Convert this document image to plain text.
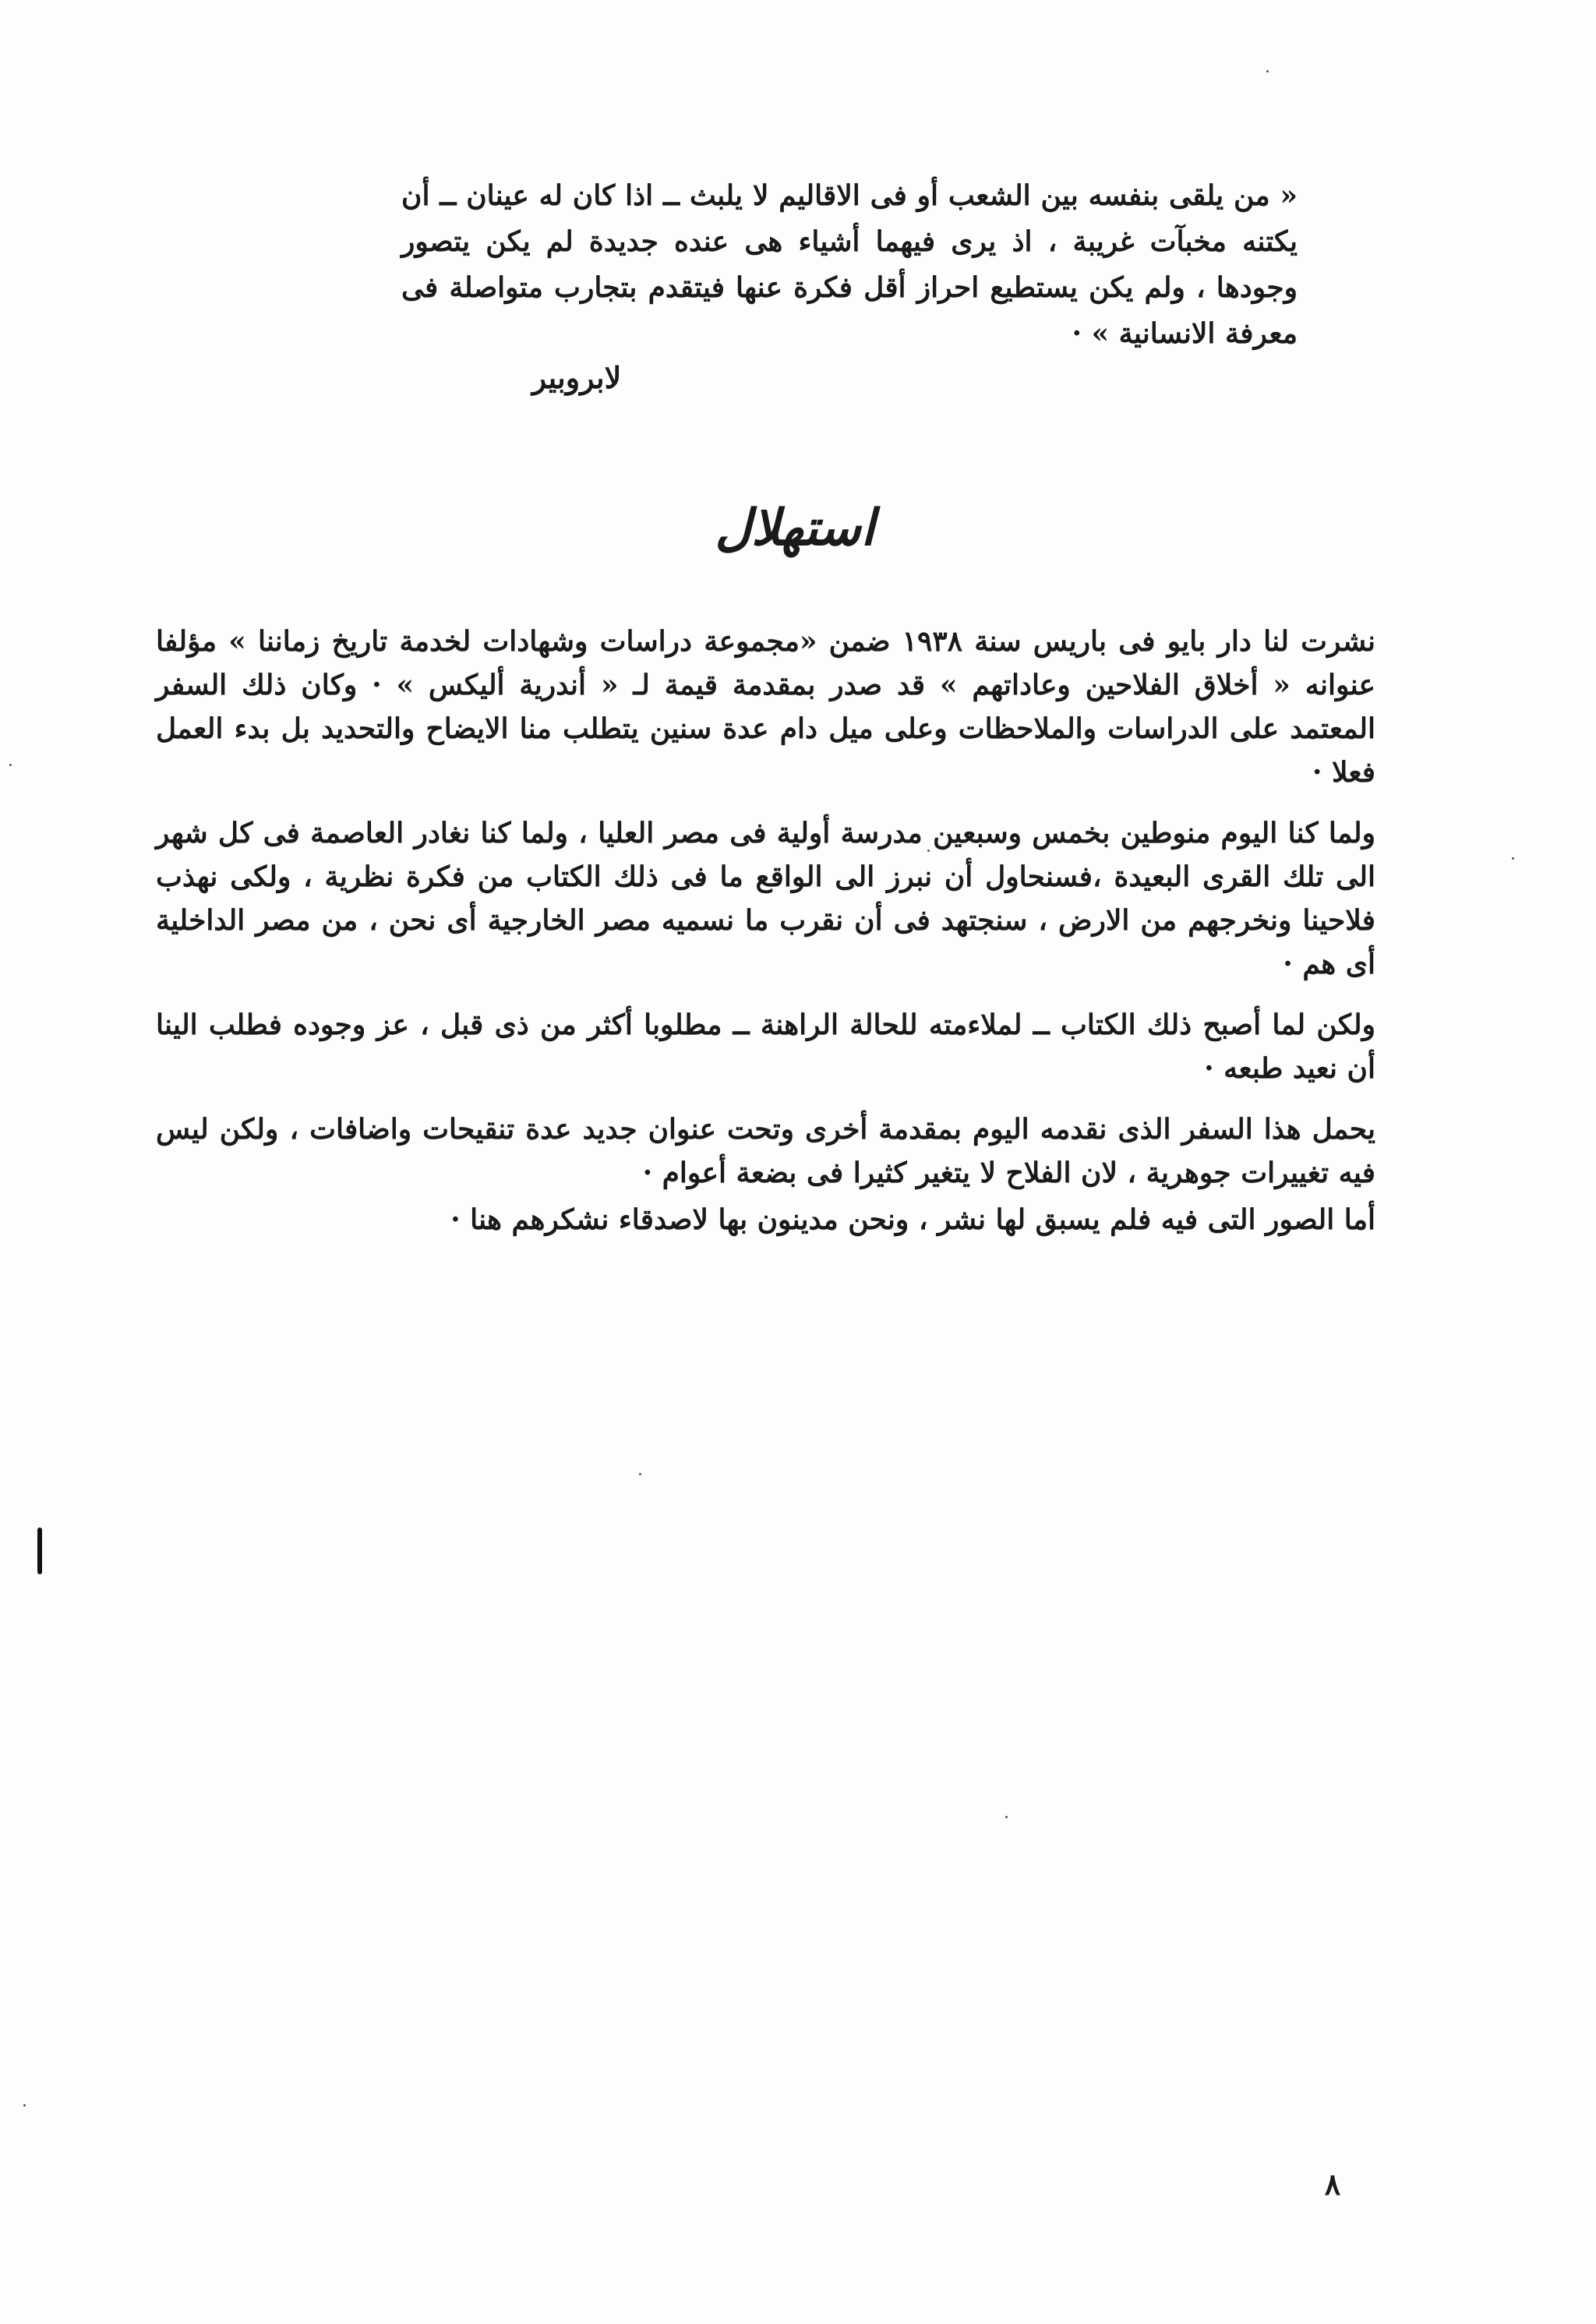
« من يلقى بنفسه بين الشعب أو فى الاقاليم لا يلبث ــ اذا كان له عينان ــ أن يكتنه مخبآت غريبة ، اذ يرى فيهما أشياء هى عنده جديدة لم يكن يتصور وجودها ، ولم يكن يستطيع احراز أقل فكرة عنها فيتقدم بتجارب متواصلة فى معرفة الانسانية » ·
لابروبير
استهلال

نشرت لنا دار بايو فى باريس سنة ١٩٣٨ ضمن «مجموعة دراسات وشهادات لخدمة تاريخ زماننا » مؤلفا عنوانه « أخلاق الفلاحين وعاداتهم » قد صدر بمقدمة قيمة لـ « أندرية أليكس » · وكان ذلك السفر المعتمد على الدراسات والملاحظات وعلى ميل دام عدة سنين يتطلب منا الايضاح والتحديد بل بدء العمل فعلا ·

ولما كنا اليوم منوطين بخمس وسبعين مدرسة أولية فى مصر العليا ، ولما كنا نغادر العاصمة فى كل شهر الى تلك القرى البعيدة ،فسنحاول أن نبرز الى الواقع ما فى ذلك الكتاب من فكرة نظرية ، ولكى نهذب فلاحينا ونخرجهم من الارض ، سنجتهد فى أن نقرب ما نسميه مصر الخارجية أى نحن ، من مصر الداخلية أى هم ·

ولكن لما أصبح ذلك الكتاب ــ لملاءمته للحالة الراهنة ــ مطلوبا أكثر من ذى قبل ، عز وجوده فطلب الينا أن نعيد طبعه ·

يحمل هذا السفر الذى نقدمه اليوم بمقدمة أخرى وتحت عنوان جديد عدة تنقيحات واضافات ، ولكن ليس فيه تغييرات جوهرية ، لان الفلاح لا يتغير كثيرا فى بضعة أعوام ·

أما الصور التى فيه فلم يسبق لها نشر ، ونحن مدينون بها لاصدقاء نشكرهم هنا ·

٨
